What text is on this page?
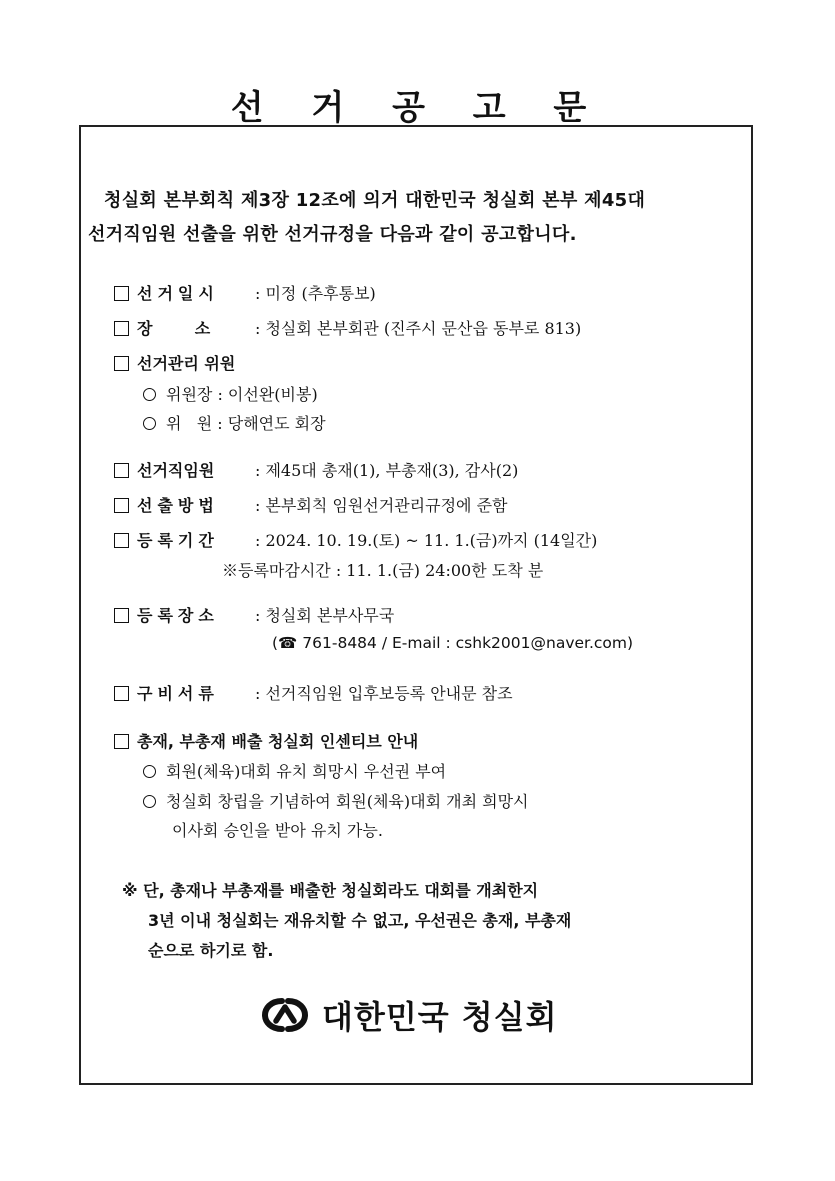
선 거 공 고 문
청실회 본부회칙 제3장 12조에 의거 대한민국 청실회 본부 제45대
선거직임원 선출을 위한 선거규정을 다음과 같이 공고합니다.
선거일시 : 미정 (추후통보)
장    소	: 청실회 본부회관 (진주시 문산읍 동부로 813)
선거관리 위원
위원장 : 이선완(비봉)
위   원 : 당해연도 회장
선거직임원	: 제45대 총재(1), 부총재(3), 감사(2)
선출방법 : 본부회칙 임원선거관리규정에 준함
등록기간 : 2024. 10. 19.(토) ~ 11. 1.(금)까지 (14일간)
※등록마감시간 : 11. 1.(금) 24:00한 도착 분
등록장소 : 청실회 본부사무국
(☎ 761-8484 / E-mail : cshk2001@naver.com)
구비서류 : 선거직임원 입후보등록 안내문 참조
총재, 부총재 배출 청실회 인센티브 안내
회원(체육)대회 유치 희망시 우선권 부여
청실회 창립을 기념하여 회원(체육)대회 개최 희망시
이사회 승인을 받아 유치 가능.
※ 단, 총재나 부총재를 배출한 청실회라도 대회를 개최한지
3년 이내 청실회는 재유치할 수 없고, 우선권은 총재, 부총재
순으로 하기로 함.
대한민국 청실회
